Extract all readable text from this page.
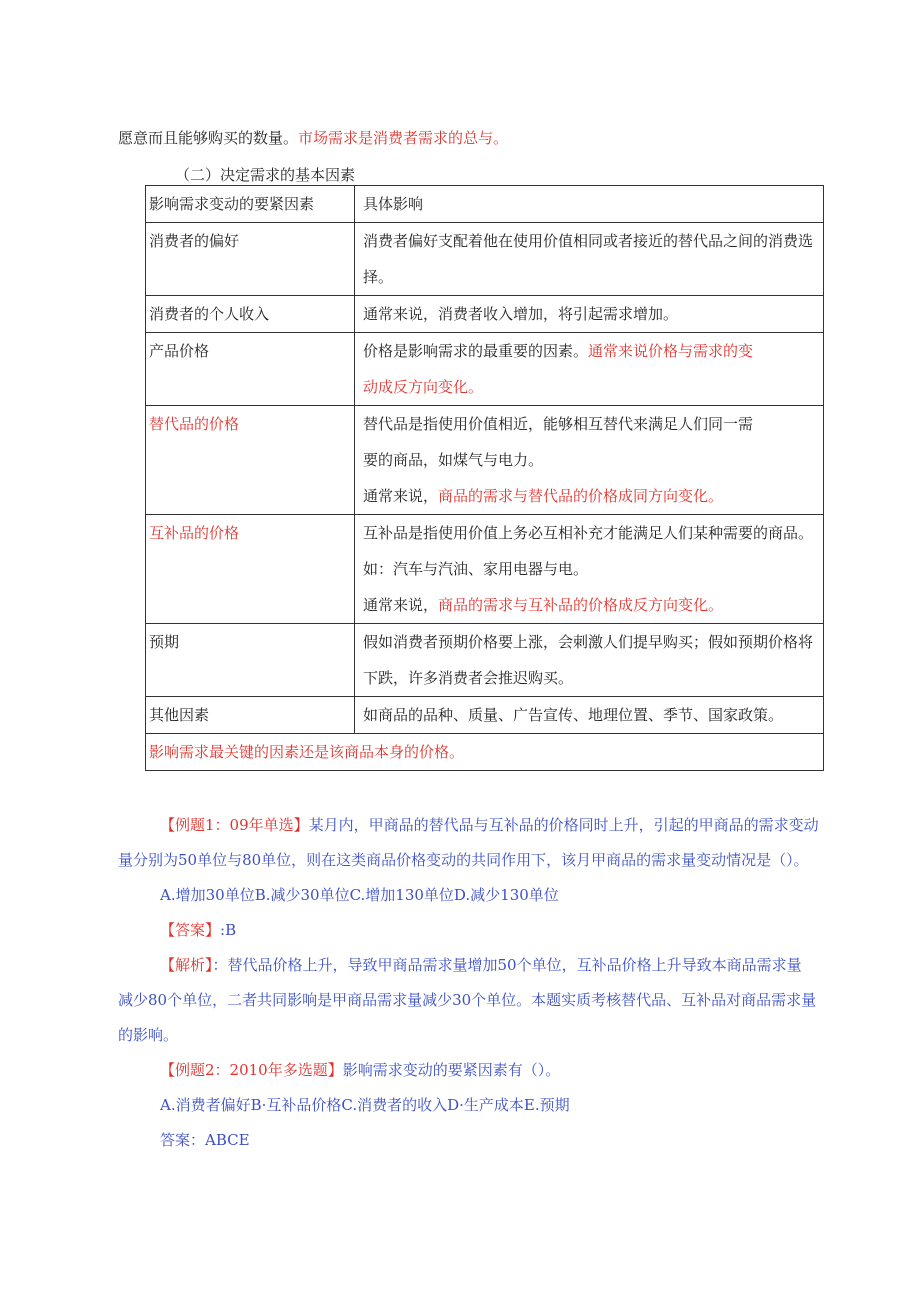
愿意而且能够购买的数量。市场需求是消费者需求的总与。
（二）决定需求的基本因素
影响需求变动的要紧因素	具体影响
消费者的偏好	消费者偏好支配着他在使用价值相同或者接近的替代品之间的消费选
择。

消费者的个人收入	通常来说，消费者收入增加，将引起需求增加。

产品价格	价格是影响需求的最重要的因素。通常来说价格与需求的变
动成反方向变化。

替代品的价格	替代品是指使用价值相近，能够相互替代来满足人们同一需
要的商品，如煤气与电力。
通常来说，商品的需求与替代品的价格成同方向变化。

互补品的价格	互补品是指使用价值上务必互相补充才能满足人们某种需要的商品。
如：汽车与汽油、家用电器与电。
通常来说，商品的需求与互补品的价格成反方向变化。

预期	假如消费者预期价格要上涨，会刺激人们提早购买；假如预期价格将
下跌，许多消费者会推迟购买。

其他因素	如商品的品种、质量、广告宣传、地理位置、季节、国家政策。

影响需求最关键的因素还是该商品本身的价格。	
【例题1：09年单选】某月内，甲商品的替代品与互补品的价格同时上升，引起的甲商品的需求变动
量分别为50单位与80单位，则在这类商品价格变动的共同作用下，该月甲商品的需求量变动情况是（）。
A.增加30单位B.减少30单位C.增加130单位D.减少130单位
【答案】:B
【解析】：替代品价格上升，导致甲商品需求量增加50个单位，互补品价格上升导致本商品需求量
减少80个单位，二者共同影响是甲商品需求量减少30个单位。本题实质考核替代品、互补品对商品需求量
的影响。
【例题2：2010年多选题】影响需求变动的要紧因素有（）。
A.消费者偏好B·互补品价格C.消费者的收入D·生产成本E.预期
答案：ABCE
